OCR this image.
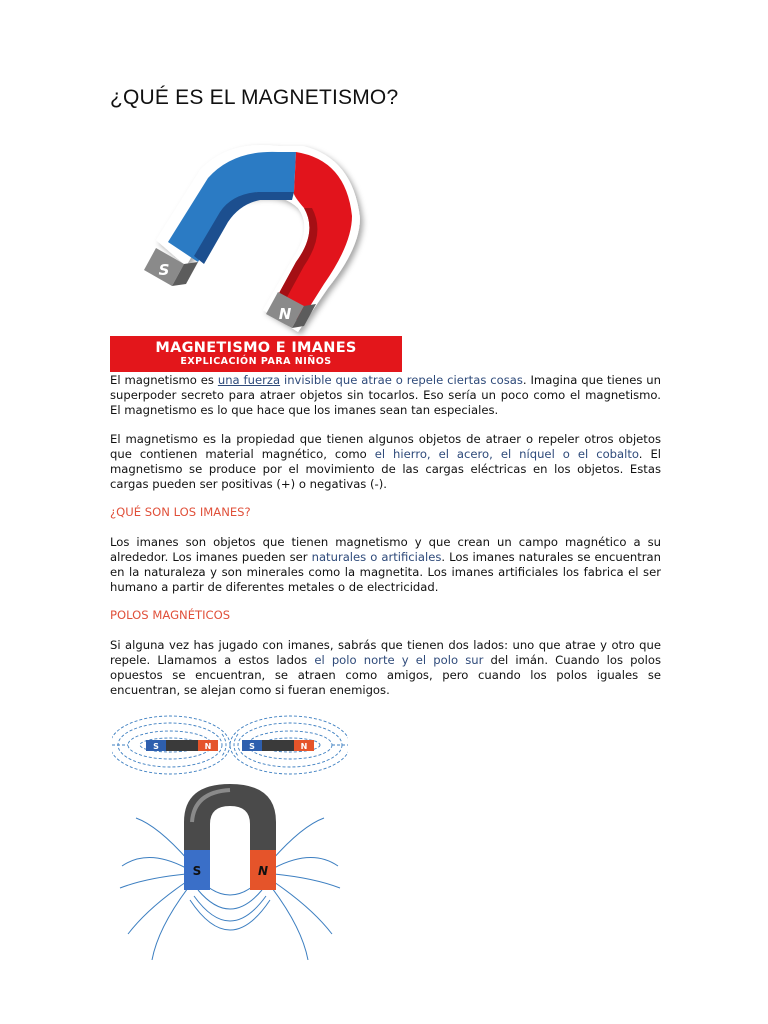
¿QUÉ ES EL MAGNETISMO?
S
N
MAGNETISMO E IMANES
EXPLICACIÓN PARA NIÑOS

El magnetismo es una fuerza invisible que atrae o repele ciertas cosas. Imagina que tienes un superpoder secreto para atraer objetos sin tocarlos. Eso sería un poco como el magnetismo. El magnetismo es lo que hace que los imanes sean tan especiales.

El magnetismo es la propiedad que tienen algunos objetos de atraer o repeler otros objetos que contienen material magnético, como el hierro, el acero, el níquel o el cobalto. El magnetismo se produce por el movimiento de las cargas eléctricas en los objetos. Estas cargas pueden ser positivas (+) o negativas (-).

¿QUÉ SON LOS IMANES?

Los imanes son objetos que tienen magnetismo y que crean un campo magnético a su alrededor. Los imanes pueden ser naturales o artificiales. Los imanes naturales se encuentran en la naturaleza y son minerales como la magnetita. Los imanes artificiales los fabrica el ser humano a partir de diferentes metales o de electricidad.

POLOS MAGNÉTICOS

Si alguna vez has jugado con imanes, sabrás que tienen dos lados: uno que atrae y otro que repele. Llamamos a estos lados el polo norte y el polo sur del imán. Cuando los polos opuestos se encuentran, se atraen como amigos, pero cuando los polos iguales se encuentran, se alejan como si fueran enemigos.

S	N	S	N
S	N
